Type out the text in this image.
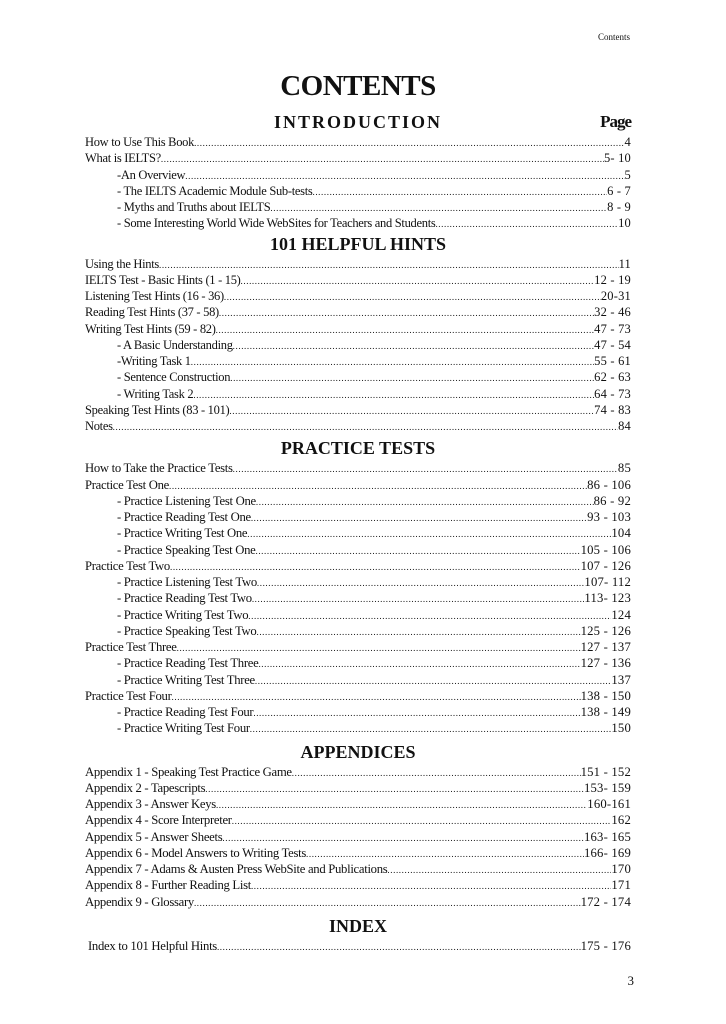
Contents
CONTENTS
INTRODUCTION	Page
How to Use This Book .....	4
What is IELTS? .....	5- 10
-An Overview .....	5
- The IELTS Academic Module Sub-tests .....	6 - 7
- Myths and Truths about IELTS .....	8 - 9
- Some Interesting World Wide WebSites for Teachers and Students .....	10
101 HELPFUL HINTS
Using the Hints .....	11
IELTS Test - Basic Hints (1 - 15) .....	12 - 19
Listening Test Hints (16 - 36) .....	20-31
Reading Test Hints (37 - 58) .....	32 - 46
Writing Test Hints (59 - 82) .....	47 - 73
- A Basic Understanding .....	47 - 54
-Writing Task 1 .....	55 - 61
- Sentence Construction .....	62 - 63
- Writing Task 2 .....	64 - 73
Speaking Test Hints (83 - 101) .....	74 - 83
Notes .....	84
PRACTICE TESTS
How to Take the Practice Tests .....	85
Practice Test One .....	86 - 106
- Practice Listening Test One .....	86 - 92
- Practice Reading Test One .....	93 - 103
- Practice Writing Test One .....	104
- Practice Speaking Test One .....	105 - 106
Practice Test Two .....	107 - 126
- Practice Listening Test Two .....	107- 112
- Practice Reading Test Two .....	113- 123
- Practice Writing Test Two .....	124
- Practice Speaking Test Two .....	125 - 126
Practice Test Three .....	127 - 137
- Practice Reading Test Three .....	127 - 136
- Practice Writing Test Three .....	137
Practice Test Four .....	138 - 150
- Practice Reading Test Four .....	138 - 149
- Practice Writing Test Four .....	150
APPENDICES
Appendix 1 - Speaking Test Practice Game .....	151 - 152
Appendix 2 - Tapescripts .....	153- 159
Appendix 3 - Answer Keys .....	160-161
Appendix 4 - Score Interpreter .....	162
Appendix 5 - Answer Sheets .....	163- 165
Appendix 6 - Model Answers to Writing Tests .....	166- 169
Appendix 7 - Adams & Austen Press WebSite and Publications .....	170
Appendix 8 - Further Reading List .....	171
Appendix 9 - Glossary .....	172 - 174
INDEX
Index to 101 Helpful Hints .....	175 - 176
3
